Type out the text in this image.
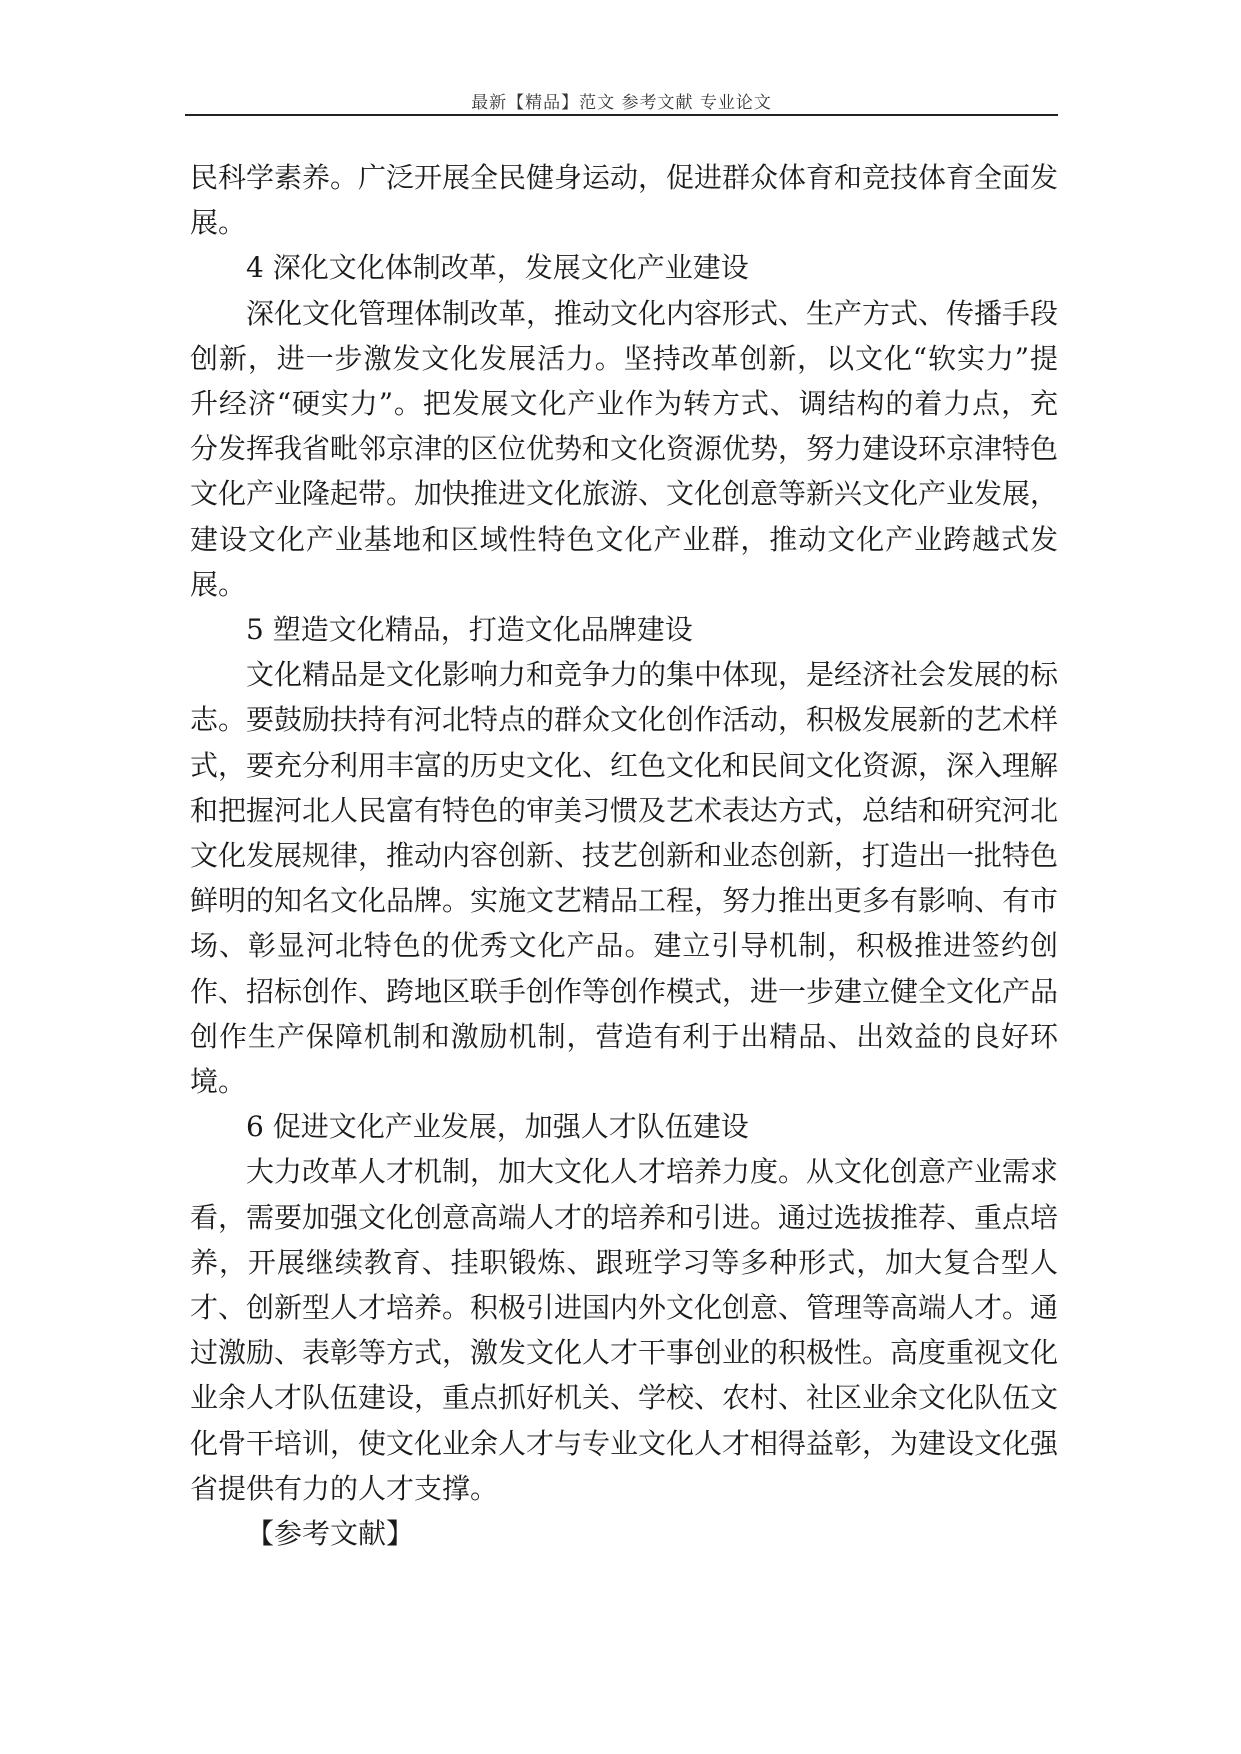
最新【精品】范文 参考文献 专业论文

民科学素养。广泛开展全民健身运动，促进群众体育和竞技体育全面发展。

4 深化文化体制改革，发展文化产业建设

深化文化管理体制改革，推动文化内容形式、生产方式、传播手段创新，进一步激发文化发展活力。坚持改革创新，以文化“软实力”提升经济“硬实力”。把发展文化产业作为转方式、调结构的着力点，充分发挥我省毗邻京津的区位优势和文化资源优势，努力建设环京津特色文化产业隆起带。加快推进文化旅游、文化创意等新兴文化产业发展，建设文化产业基地和区域性特色文化产业群，推动文化产业跨越式发展。

5 塑造文化精品，打造文化品牌建设

文化精品是文化影响力和竞争力的集中体现，是经济社会发展的标志。要鼓励扶持有河北特点的群众文化创作活动，积极发展新的艺术样式，要充分利用丰富的历史文化、红色文化和民间文化资源，深入理解和把握河北人民富有特色的审美习惯及艺术表达方式，总结和研究河北文化发展规律，推动内容创新、技艺创新和业态创新，打造出一批特色鲜明的知名文化品牌。实施文艺精品工程，努力推出更多有影响、有市场、彰显河北特色的优秀文化产品。建立引导机制，积极推进签约创作、招标创作、跨地区联手创作等创作模式，进一步建立健全文化产品创作生产保障机制和激励机制，营造有利于出精品、出效益的良好环境。

6 促进文化产业发展，加强人才队伍建设

大力改革人才机制，加大文化人才培养力度。从文化创意产业需求看，需要加强文化创意高端人才的培养和引进。通过选拔推荐、重点培养，开展继续教育、挂职锻炼、跟班学习等多种形式，加大复合型人才、创新型人才培养。积极引进国内外文化创意、管理等高端人才。通过激励、表彰等方式，激发文化人才干事创业的积极性。高度重视文化业余人才队伍建设，重点抓好机关、学校、农村、社区业余文化队伍文化骨干培训，使文化业余人才与专业文化人才相得益彰，为建设文化强省提供有力的人才支撑。

【参考文献】
